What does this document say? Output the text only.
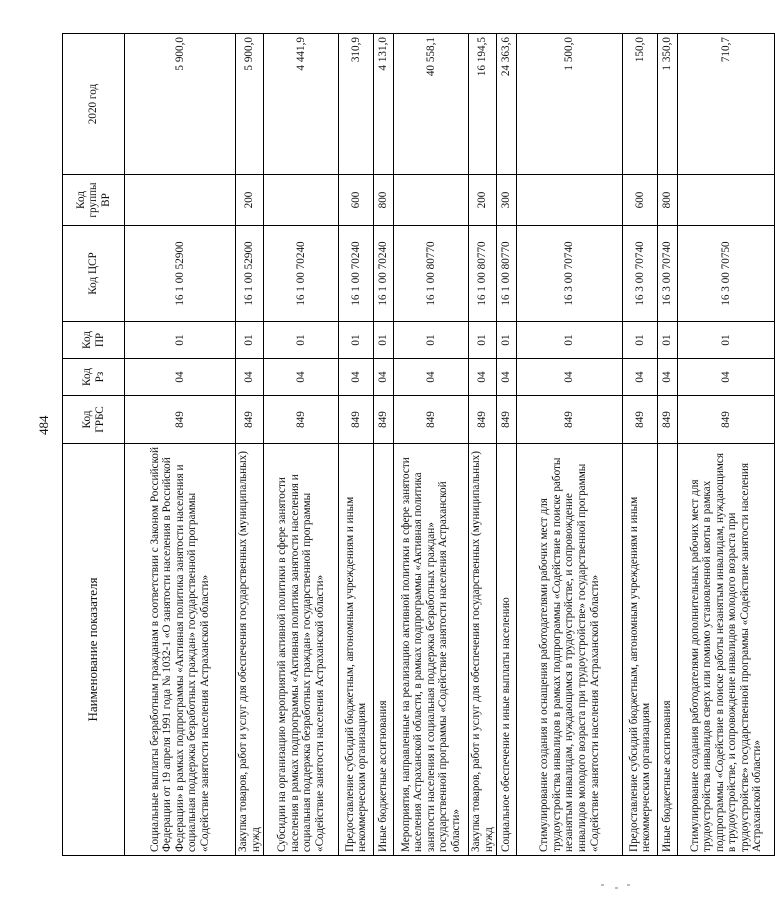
484
Наименование показателя	Код ГРБС	Код Рз	Код ПР	Код ЦСР	Код группы ВР	2020 год
Социальные выплаты безработным гражданам в соответствии с Законом Российской Федерации от 19 апреля 1991 года № 1032-1 «О занятости населения в Российской Федерации» в рамках подпрограммы «Активная политика занятости населения и социальная поддержка безработных граждан» государственной программы «Содействие занятости населения Астраханской области»	849	04	01	16 1 00 52900		5 900,0
Закупка товаров, работ и услуг для обеспечения государственных (муниципальных) нужд	849	04	01	16 1 00 52900	200	5 900,0
Субсидии на организацию мероприятий активной политики в сфере занятости населения в рамках подпрограммы «Активная политика занятости населения и социальная поддержка безработных граждан» государственной программы «Содействие занятости населения Астраханской области»	849	04	01	16 1 00 70240		4 441,9
Предоставление субсидий бюджетным, автономным учреждениям и иным некоммерческим организациям	849	04	01	16 1 00 70240	600	310,9
Иные бюджетные ассигнования	849	04	01	16 1 00 70240	800	4 131,0
Мероприятия, направленные на реализацию активной политики в сфере занятости населения Астраханской области, в рамках подпрограммы «Активная политика занятости населения и социальная поддержка безработных граждан» государственной программы «Содействие занятости населения Астраханской области»	849	04	01	16 1 00 80770		40 558,1
Закупка товаров, работ и услуг для обеспечения государственных (муниципальных) нужд	849	04	01	16 1 00 80770	200	16 194,5
Социальное обеспечение и иные выплаты населению	849	04	01	16 1 00 80770	300	24 363,6
Стимулирование создания и оснащения работодателями рабочих мест для трудоустройства инвалидов в рамках подпрограммы «Содействие в поиске работы незанятым инвалидам, нуждающимся в трудоустройстве, и сопровождение инвалидов молодого возраста при трудоустройстве» государственной программы «Содействие занятости населения Астраханской области»	849	04	01	16 3 00 70740		1 500,0
Предоставление субсидий бюджетным, автономным учреждениям и иным некоммерческим организациям	849	04	01	16 3 00 70740	600	150,0
Иные бюджетные ассигнования	849	04	01	16 3 00 70740	800	1 350,0
Стимулирование создания работодателями дополнительных рабочих мест для трудоустройства инвалидов сверх или помимо установленной квоты в рамках подпрограммы «Содействие в поиске работы незанятым инвалидам, нуждающимся в трудоустройстве, и сопровождение инвалидов молодого возраста при трудоустройстве» государственной программы «Содействие занятости населения Астраханской области»	849	04	01	16 3 00 70750		710,7
